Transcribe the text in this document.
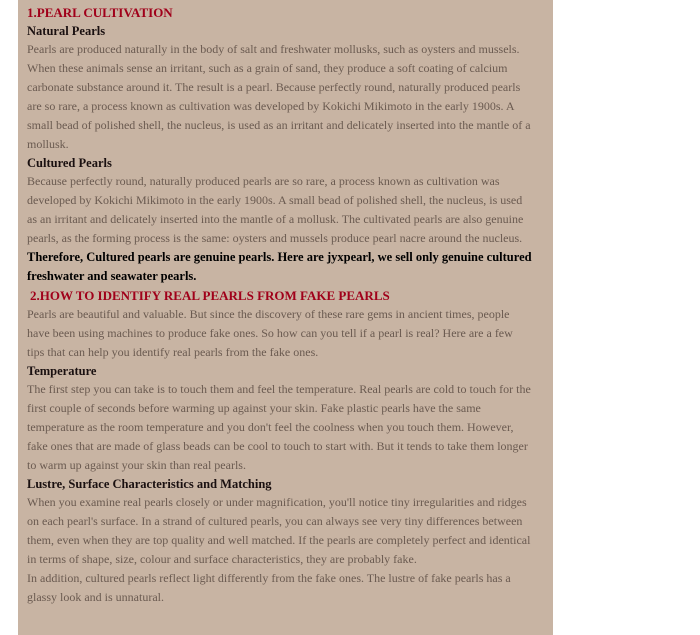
1.PEARL CULTIVATION
Natural Pearls

Pearls are produced naturally in the body of salt and freshwater mollusks, such as oysters and mussels. When these animals sense an irritant, such as a grain of sand, they produce a soft coating of calcium carbonate substance around it. The result is a pearl. Because perfectly round, naturally produced pearls are so rare, a process known as cultivation was developed by Kokichi Mikimoto in the early 1900s. A small bead of polished shell, the nucleus, is used as an irritant and delicately inserted into the mantle of a mollusk.

Cultured Pearls

Because perfectly round, naturally produced pearls are so rare, a process known as cultivation was developed by Kokichi Mikimoto in the early 1900s. A small bead of polished shell, the nucleus, is used as an irritant and delicately inserted into the mantle of a mollusk. The cultivated pearls are also genuine pearls, as the forming process is the same: oysters and mussels produce pearl nacre around the nucleus.

Therefore, Cultured pearls are genuine pearls. Here are jyxpearl, we sell only genuine cultured freshwater and seawater pearls.

2.HOW TO IDENTIFY REAL PEARLS FROM FAKE PEARLS

Pearls are beautiful and valuable. But since the discovery of these rare gems in ancient times, people have been using machines to produce fake ones. So how can you tell if a pearl is real? Here are a few tips that can help you identify real pearls from the fake ones.

Temperature

The first step you can take is to touch them and feel the temperature. Real pearls are cold to touch for the first couple of seconds before warming up against your skin. Fake plastic pearls have the same temperature as the room temperature and you don't feel the coolness when you touch them. However, fake ones that are made of glass beads can be cool to touch to start with. But it tends to take them longer to warm up against your skin than real pearls.

Lustre, Surface Characteristics and Matching

When you examine real pearls closely or under magnification, you'll notice tiny irregularities and ridges on each pearl's surface. In a strand of cultured pearls, you can always see very tiny differences between them, even when they are top quality and well matched. If the pearls are completely perfect and identical in terms of shape, size, colour and surface characteristics, they are probably fake.

In addition, cultured pearls reflect light differently from the fake ones. The lustre of fake pearls has a glassy look and is unnatural.
